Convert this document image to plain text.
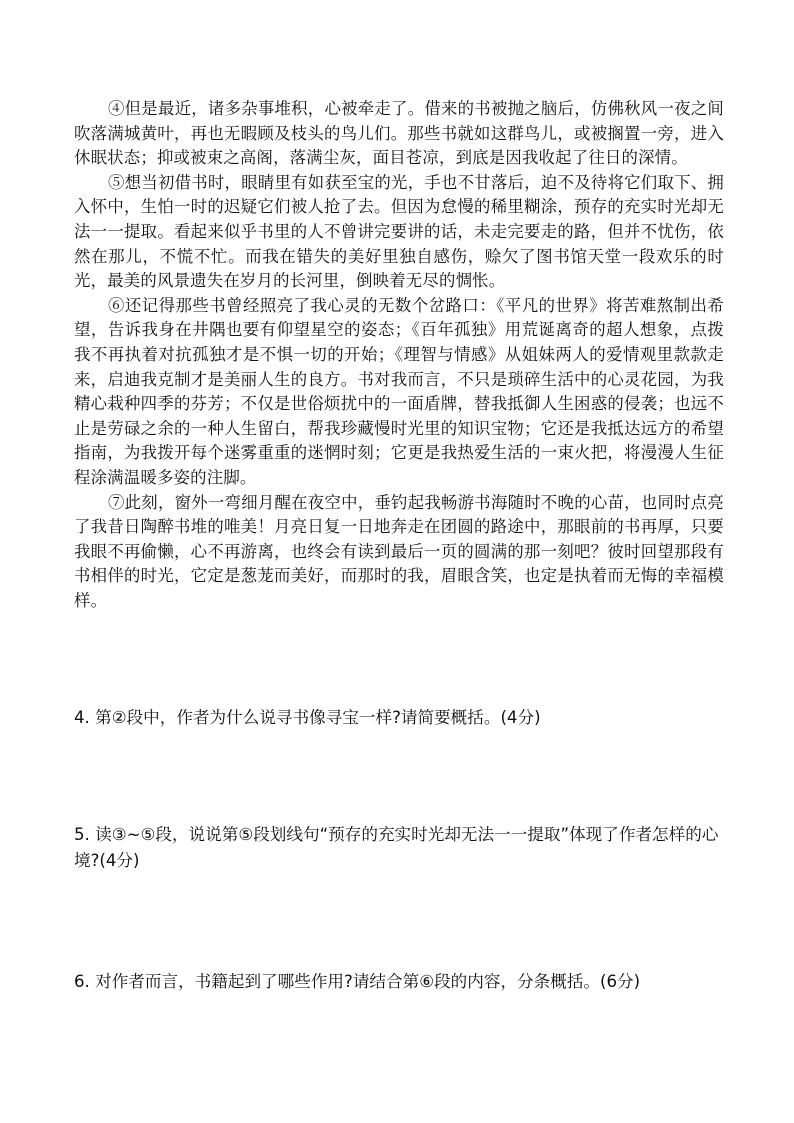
④但是最近，诸多杂事堆积，心被牵走了。借来的书被抛之脑后，仿佛秋风一夜之间吹落满城黄叶，再也无暇顾及枝头的鸟儿们。那些书就如这群鸟儿，或被搁置一旁，进入休眠状态；抑或被束之高阁，落满尘灰，面目苍凉，到底是因我收起了往日的深情。

⑤想当初借书时，眼睛里有如获至宝的光，手也不甘落后，迫不及待将它们取下、拥入怀中，生怕一时的迟疑它们被人抢了去。但因为怠慢的稀里糊涂，预存的充实时光却无法一一提取。看起来似乎书里的人不曾讲完要讲的话，未走完要走的路，但并不忧伤，依然在那儿，不慌不忙。而我在错失的美好里独自感伤，赊欠了图书馆天堂一段欢乐的时光，最美的风景遗失在岁月的长河里，倒映着无尽的惆怅。

⑥还记得那些书曾经照亮了我心灵的无数个岔路口：《平凡的世界》将苦难熬制出希望，告诉我身在井隅也要有仰望星空的姿态；《百年孤独》用荒诞离奇的超人想象，点拨我不再执着对抗孤独才是不惧一切的开始；《理智与情感》从姐妹两人的爱情观里款款走来，启迪我克制才是美丽人生的良方。书对我而言，不只是琐碎生活中的心灵花园，为我精心栽种四季的芬芳；不仅是世俗烦扰中的一面盾牌，替我抵御人生困惑的侵袭；也远不止是劳碌之余的一种人生留白，帮我珍藏慢时光里的知识宝物；它还是我抵达远方的希望指南，为我拨开每个迷雾重重的迷惘时刻；它更是我热爱生活的一束火把，将漫漫人生征程涂满温暖多姿的注脚。

⑦此刻，窗外一弯细月醒在夜空中，垂钓起我畅游书海随时不晚的心苗，也同时点亮了我昔日陶醉书堆的唯美！月亮日复一日地奔走在团圆的路途中，那眼前的书再厚，只要我眼不再偷懒，心不再游离，也终会有读到最后一页的圆满的那一刻吧？彼时回望那段有书相伴的时光，它定是葱茏而美好，而那时的我，眉眼含笑，也定是执着而无悔的幸福模样。

4. 第②段中，作者为什么说寻书像寻宝一样?请简要概括。(4分)

5. 读③~⑤段，说说第⑤段划线句“预存的充实时光却无法一一提取”体现了作者怎样的心境?(4分)

6. 对作者而言，书籍起到了哪些作用?请结合第⑥段的内容，分条概括。(6分)
